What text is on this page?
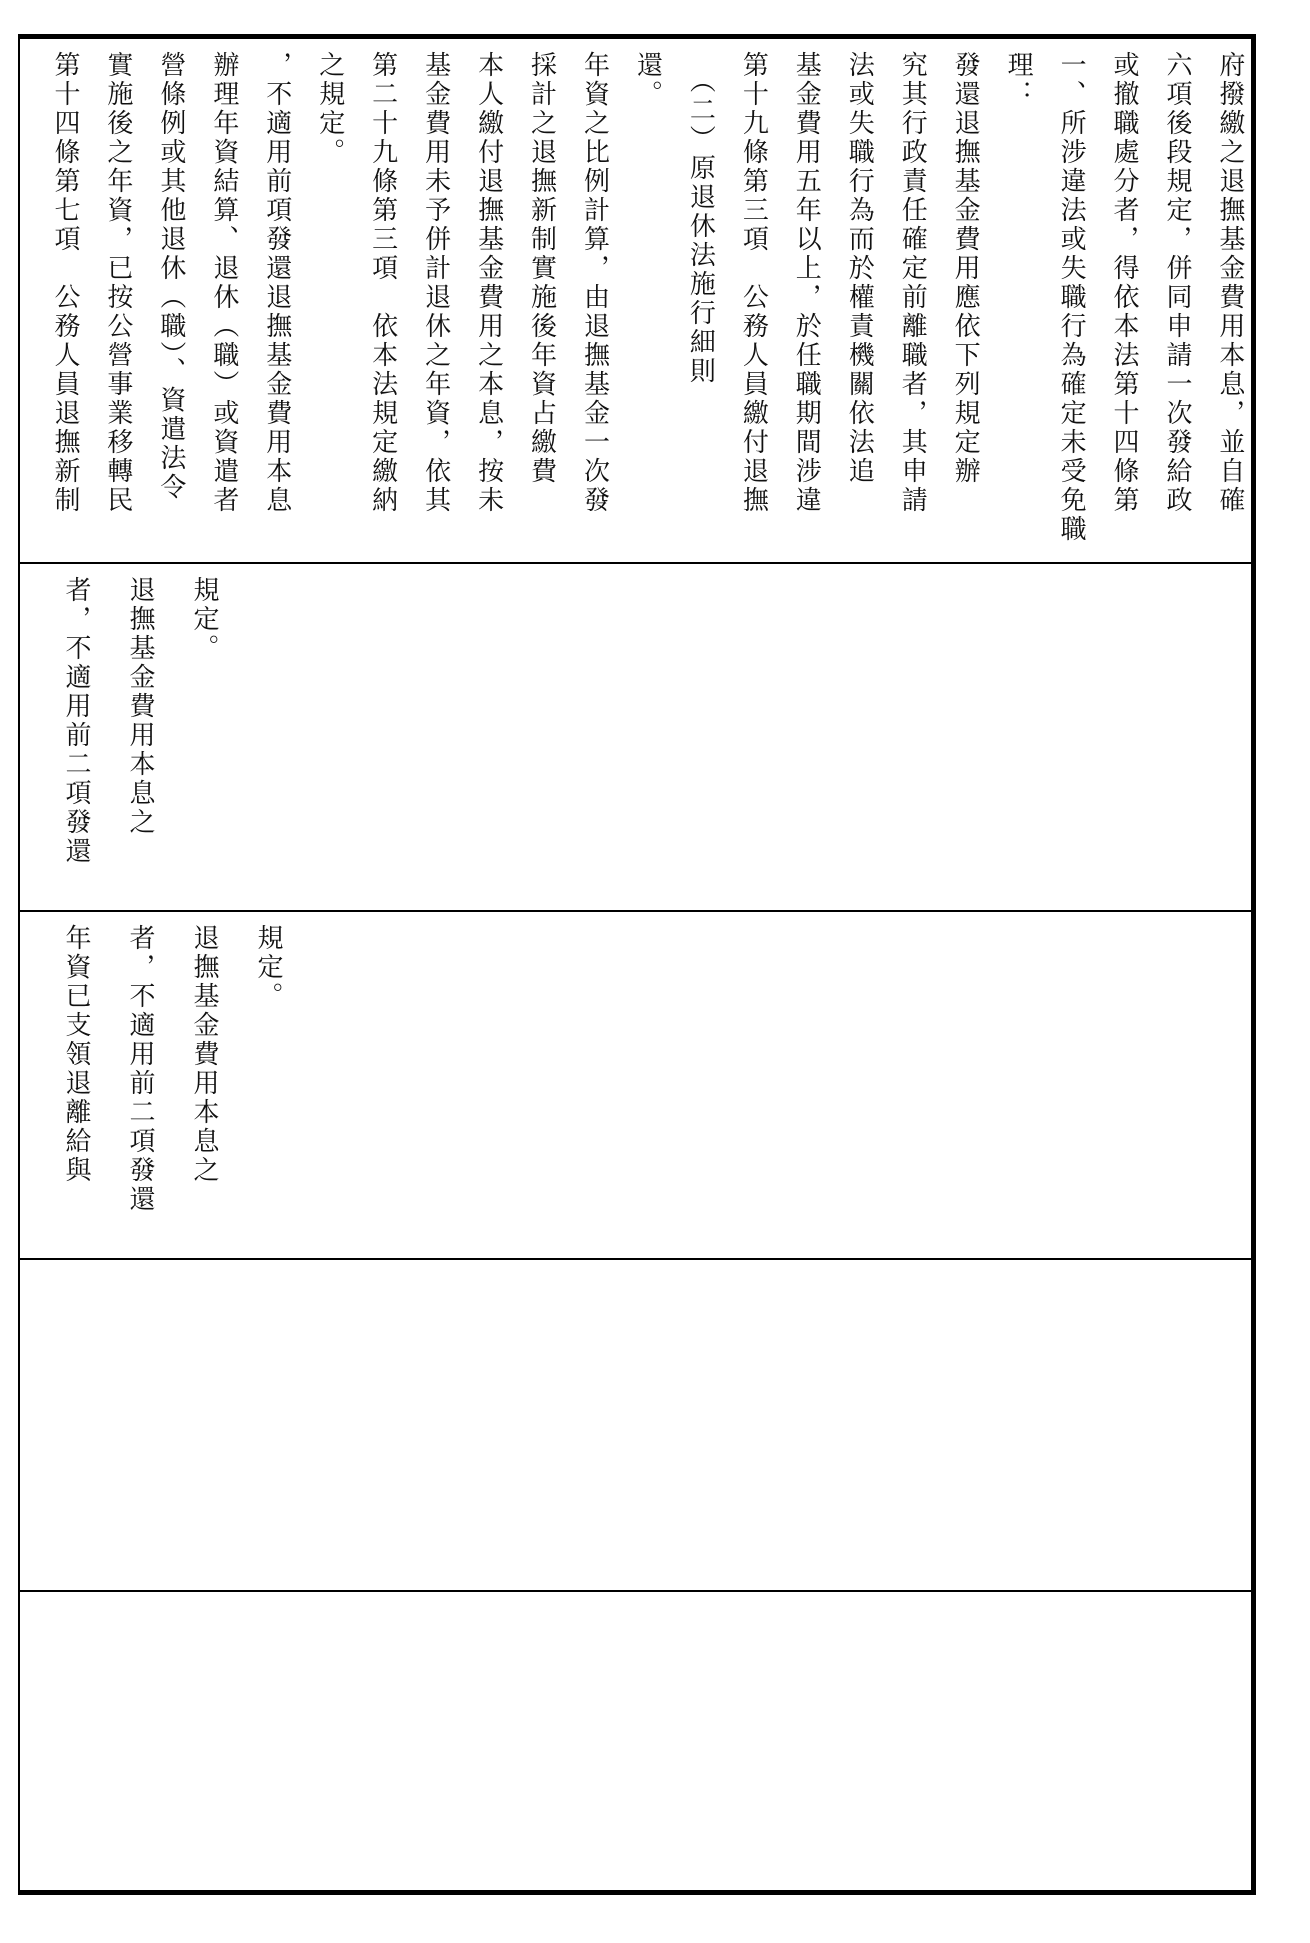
第十四條第七項　公務人員退撫新制 實施後之年資，已按公營事業移轉民 營條例或其他退休（職）、資遣法令 辦理年資結算、退休（職）或資遣者 ，不適用前項發還退撫基金費用本息 之規定。 第二十九條第三項　依本法規定繳納 基金費用未予併計退休之年資，依其 本人繳付退撫基金費用之本息，按未 採計之退撫新制實施後年資占繳費 年資之比例計算，由退撫基金一次發 還。 　（二）原退休法施行細則 第十九條第三項　公務人員繳付退撫 基金費用五年以上，於任職期間涉違 法或失職行為而於權責機關依法追 究其行政責任確定前離職者，其申請 發還退撫基金費用應依下列規定辦 理： 一、所涉違法或失職行為確定未受免職 或撤職處分者，得依本法第十四條第 六項後段規定，併同申請一次發給政 府撥繳之退撫基金費用本息，並自確
者，不適用前二項發還	退撫基金費用本息之	規定。
年資已支領退離給與	者，不適用前二項發還	退撫基金費用本息之	規定。
